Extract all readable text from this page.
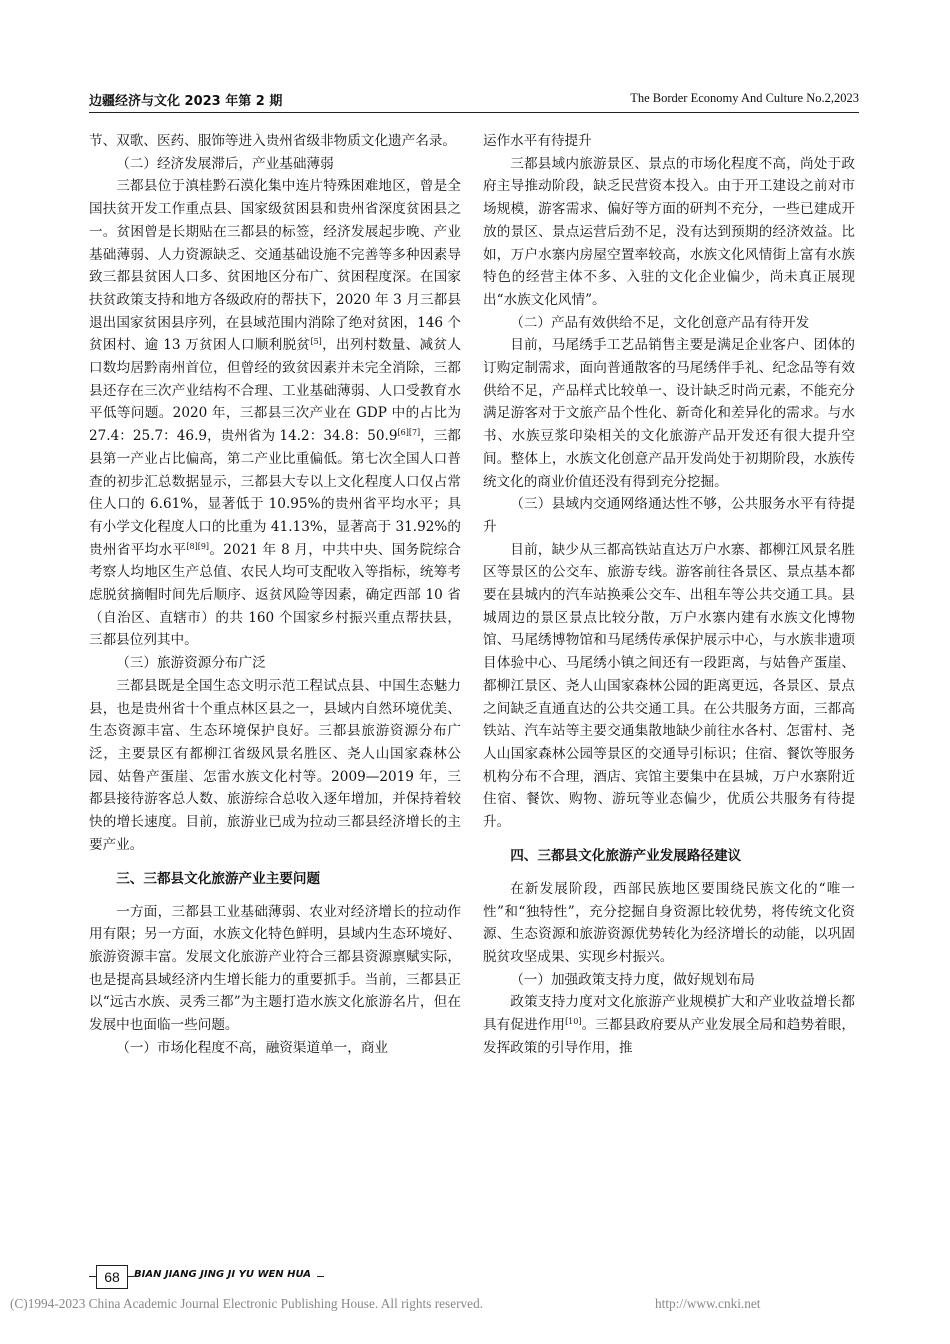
边疆经济与文化 2023 年第 2 期	The Border Economy And Culture No.2,2023

节、双歌、医药、服饰等进入贵州省级非物质文化遗产名录。

（二）经济发展滞后，产业基础薄弱

三都县位于滇桂黔石漠化集中连片特殊困难地区，曾是全国扶贫开发工作重点县、国家级贫困县和贵州省深度贫困县之一。贫困曾是长期贴在三都县的标签，经济发展起步晚、产业基础薄弱、人力资源缺乏、交通基础设施不完善等多种因素导致三都县贫困人口多、贫困地区分布广、贫困程度深。在国家扶贫政策支持和地方各级政府的帮扶下，2020 年 3 月三都县退出国家贫困县序列，在县域范围内消除了绝对贫困，146 个贫困村、逾 13 万贫困人口顺利脱贫[5]，出列村数量、减贫人口数均居黔南州首位，但曾经的致贫因素并未完全消除，三都县还存在三次产业结构不合理、工业基础薄弱、人口受教育水平低等问题。2020 年，三都县三次产业在 GDP 中的占比为 27.4：25.7：46.9，贵州省为 14.2：34.8：50.9[6][7]，三都县第一产业占比偏高，第二产业比重偏低。第七次全国人口普查的初步汇总数据显示，三都县大专以上文化程度人口仅占常住人口的 6.61%，显著低于 10.95%的贵州省平均水平；具有小学文化程度人口的比重为 41.13%，显著高于 31.92%的贵州省平均水平[8][9]。2021 年 8 月，中共中央、国务院综合考察人均地区生产总值、农民人均可支配收入等指标，统筹考虑脱贫摘帽时间先后顺序、返贫风险等因素，确定西部 10 省（自治区、直辖市）的共 160 个国家乡村振兴重点帮扶县，三都县位列其中。

（三）旅游资源分布广泛

三都县既是全国生态文明示范工程试点县、中国生态魅力县，也是贵州省十个重点林区县之一，县域内自然环境优美、生态资源丰富、生态环境保护良好。三都县旅游资源分布广泛，主要景区有都柳江省级风景名胜区、尧人山国家森林公园、姑鲁产蛋崖、怎雷水族文化村等。2009—2019 年，三都县接待游客总人数、旅游综合总收入逐年增加，并保持着较快的增长速度。目前，旅游业已成为拉动三都县经济增长的主要产业。

三、三都县文化旅游产业主要问题

一方面，三都县工业基础薄弱、农业对经济增长的拉动作用有限；另一方面，水族文化特色鲜明，县域内生态环境好、旅游资源丰富。发展文化旅游产业符合三都县资源禀赋实际，也是提高县域经济内生增长能力的重要抓手。当前，三都县正以“远古水族、灵秀三都”为主题打造水族文化旅游名片，但在发展中也面临一些问题。

（一）市场化程度不高，融资渠道单一，商业

运作水平有待提升

三都县域内旅游景区、景点的市场化程度不高，尚处于政府主导推动阶段，缺乏民营资本投入。由于开工建设之前对市场规模，游客需求、偏好等方面的研判不充分，一些已建成开放的景区、景点运营后劲不足，没有达到预期的经济效益。比如，万户水寨内房屋空置率较高，水族文化风情街上富有水族特色的经营主体不多、入驻的文化企业偏少，尚未真正展现出“水族文化风情”。

（二）产品有效供给不足，文化创意产品有待开发

目前，马尾绣手工艺品销售主要是满足企业客户、团体的订购定制需求，面向普通散客的马尾绣伴手礼、纪念品等有效供给不足，产品样式比较单一、设计缺乏时尚元素，不能充分满足游客对于文旅产品个性化、新奇化和差异化的需求。与水书、水族豆浆印染相关的文化旅游产品开发还有很大提升空间。整体上，水族文化创意产品开发尚处于初期阶段，水族传统文化的商业价值还没有得到充分挖掘。

（三）县域内交通网络通达性不够，公共服务水平有待提升

目前，缺少从三都高铁站直达万户水寨、都柳江风景名胜区等景区的公交车、旅游专线。游客前往各景区、景点基本都要在县城内的汽车站换乘公交车、出租车等公共交通工具。县城周边的景区景点比较分散，万户水寨内建有水族文化博物馆、马尾绣博物馆和马尾绣传承保护展示中心，与水族非遗项目体验中心、马尾绣小镇之间还有一段距离，与姑鲁产蛋崖、都柳江景区、尧人山国家森林公园的距离更远，各景区、景点之间缺乏直通直达的公共交通工具。在公共服务方面，三都高铁站、汽车站等主要交通集散地缺少前往水各村、怎雷村、尧人山国家森林公园等景区的交通导引标识；住宿、餐饮等服务机构分布不合理，酒店、宾馆主要集中在县城，万户水寨附近住宿、餐饮、购物、游玩等业态偏少，优质公共服务有待提升。

四、三都县文化旅游产业发展路径建议

在新发展阶段，西部民族地区要围绕民族文化的“唯一性”和“独特性”，充分挖掘自身资源比较优势，将传统文化资源、生态资源和旅游资源优势转化为经济增长的动能，以巩固脱贫攻坚成果、实现乡村振兴。

（一）加强政策支持力度，做好规划布局

政策支持力度对文化旅游产业规模扩大和产业收益增长都具有促进作用[10]。三都县政府要从产业发展全局和趋势着眼，发挥政策的引导作用，推

68	BIAN JIANG JING JI YU WEN HUA
(C)1994-2023 China Academic Journal Electronic Publishing House. All rights reserved.	http://www.cnki.net
